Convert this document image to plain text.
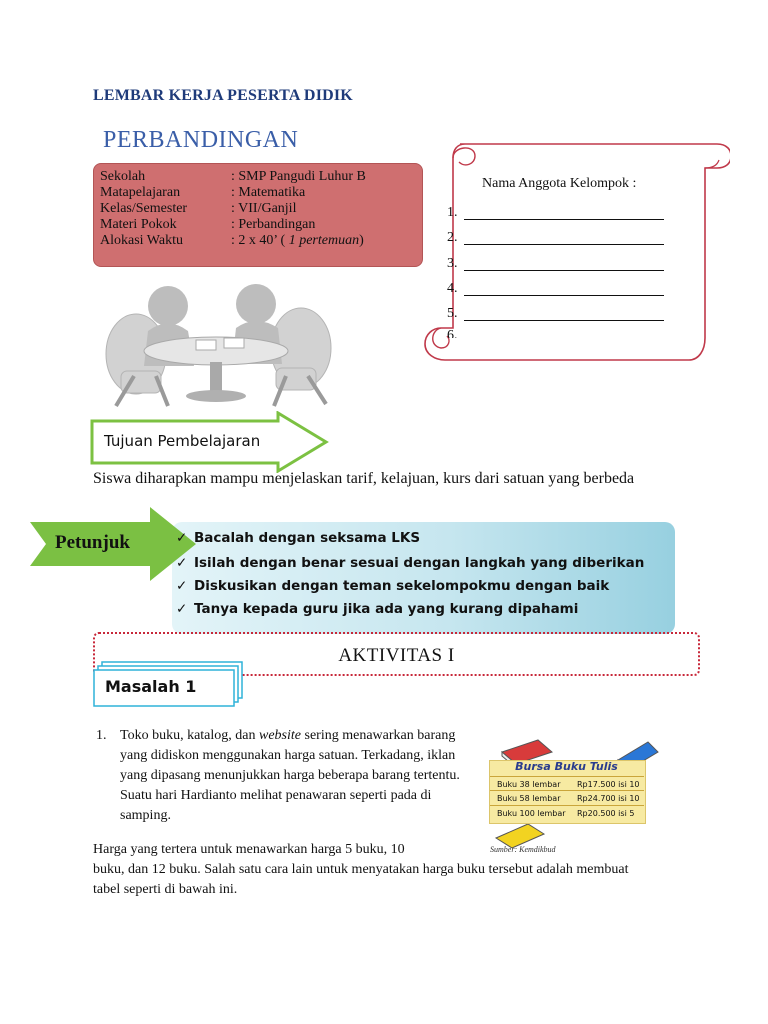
LEMBAR KERJA PESERTA DIDIK
PERBANDINGAN
Sekolah	: SMP Pangudi Luhur B
Matapelajaran	: Matematika
Kelas/Semester	: VII/Ganjil
Materi Pokok	: Perbandingan
Alokasi Waktu	: 2 x 40’ ( 1 pertemuan)
Nama Anggota Kelompok :
1.
2.
3.
4.
5.
6.
Tujuan Pembelajaran
Siswa diharapkan mampu menjelaskan tarif, kelajuan, kurs dari satuan yang berbeda
Petunjuk	✓ Bacalah dengan seksama LKS
✓ Isilah dengan benar sesuai dengan langkah yang diberikan
✓ Diskusikan dengan teman sekelompokmu dengan baik
✓ Tanya kepada guru jika ada yang kurang dipahami
AKTIVITAS I
Masalah 1
1. Toko buku, katalog, dan website sering menawarkan barang yang didiskon menggunakan harga satuan. Terkadang, iklan yang dipasang menunjukkan harga beberapa barang tertentu. Suatu hari Hardianto melihat penawaran seperti pada di samping.
Harga yang tertera untuk menawarkan harga 5 buku, 10
buku, dan 12 buku. Salah satu cara lain untuk menyatakan harga buku tersebut adalah membuat
tabel seperti di bawah ini.
Bursa Buku Tulis
Buku 38 lembar Rp17.500 isi 10
Buku 58 lembar Rp24.700 isi 10
Buku 100 lembar Rp20.500 isi 5
Sumber: Kemdikbud
